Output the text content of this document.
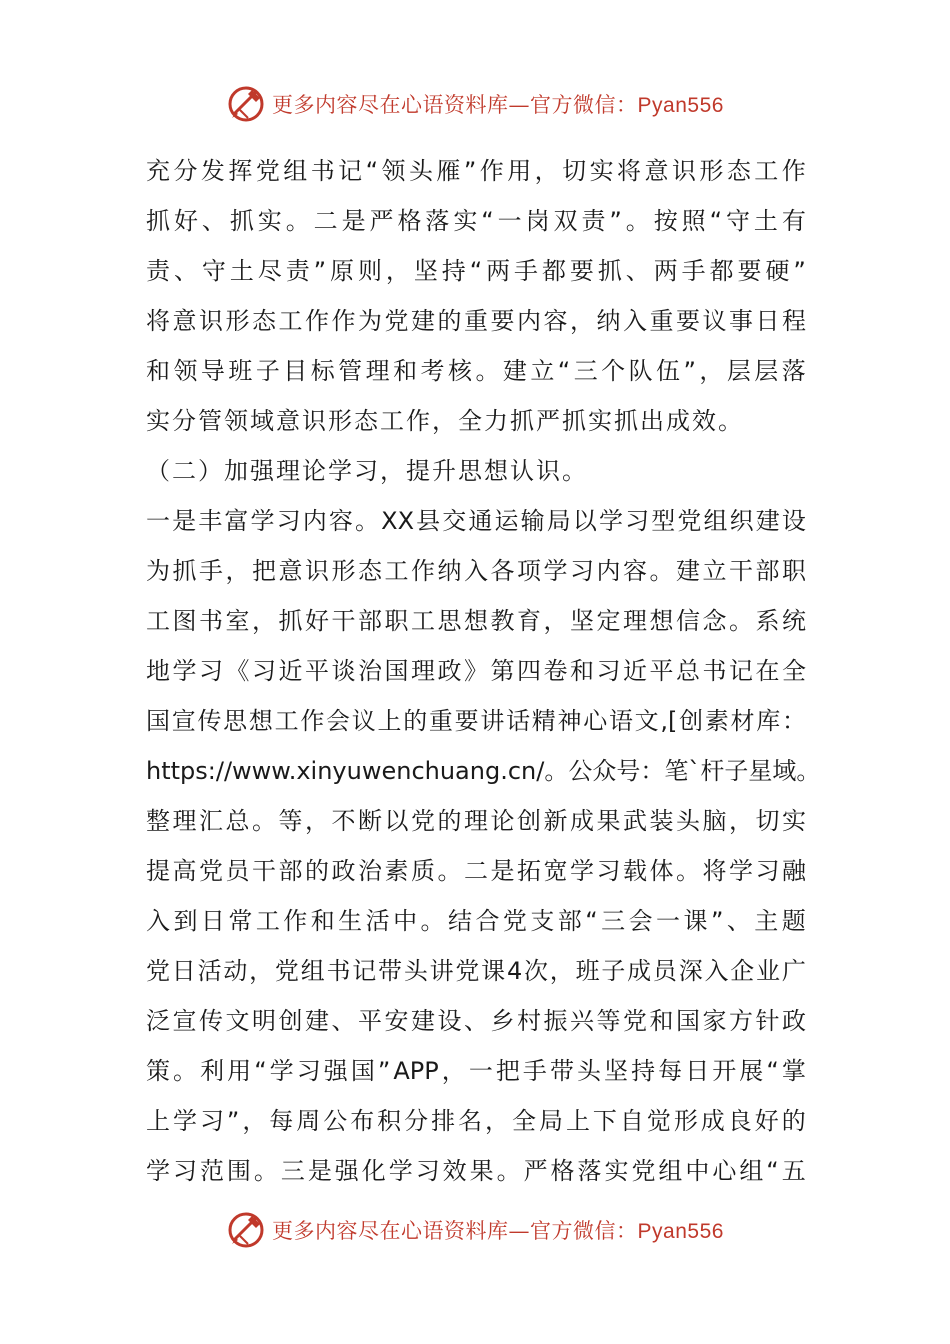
更多内容尽在心语资料库—官方微信：Pyan556
充 分 发 挥 党 组 书 记 “ 领 头 雁 ” 作 用 ， 切 实 将 意 识 形 态 工 作
抓 好 、 抓 实 。 二 是 严 格 落 实 “ 一 岗 双 责 ” 。 按 照 “ 守 土 有
责 、 守 土 尽 责 ” 原 则 ， 坚 持 “ 两 手 都 要 抓 、 两 手 都 要 硬 ”
将 意 识 形 态 工 作 作 为 党 建 的 重 要 内 容 ， 纳 入 重 要 议 事 日 程
和 领 导 班 子 目 标 管 理 和 考 核 。 建 立 “ 三 个 队 伍 ” ， 层 层 落
实 分 管 领 域 意 识 形 态 工 作 ， 全 力 抓 严 抓 实 抓 出 成 效 。
（ 二 ） 加 强 理 论 学 习 ， 提 升 思 想 认 识 。
一 是 丰 富 学 习 内 容 。 XX 县 交 通 运 输 局 以 学 习 型 党 组 织 建 设
为 抓 手 ， 把 意 识 形 态 工 作 纳 入 各 项 学 习 内 容 。 建 立 干 部 职
工 图 书 室 ， 抓 好 干 部 职 工 思 想 教 育 ， 坚 定 理 想 信 念 。 系 统
地 学 习 《 习 近 平 谈 治 国 理 政 》 第 四 卷 和 习 近 平 总 书 记 在 全
国 宣 传 思 想 工 作 会 议 上 的 重 要 讲 话 精 神 心 语 文 ,[ 创 素 材 库 ：
https://www.xinyuwenchuang.cn/ 。 公 众 号 ： 笔 ` 杆 子 星 域 。
整 理 汇 总 。 等 ， 不 断 以 党 的 理 论 创 新 成 果 武 装 头 脑 ， 切 实
提 高 党 员 干 部 的 政 治 素 质 。 二 是 拓 宽 学 习 载 体 。 将 学 习 融
入 到 日 常 工 作 和 生 活 中 。 结 合 党 支 部 “ 三 会 一 课 ” 、 主 题
党 日 活 动 ， 党 组 书 记 带 头 讲 党 课 4 次 ， 班 子 成 员 深 入 企 业 广
泛 宣 传 文 明 创 建 、 平 安 建 设 、 乡 村 振 兴 等 党 和 国 家 方 针 政
策 。 利 用 “ 学 习 强 国 ” APP ， 一 把 手 带 头 坚 持 每 日 开 展 “ 掌
上 学 习 ” ， 每 周 公 布 积 分 排 名 ， 全 局 上 下 自 觉 形 成 良 好 的
学 习 范 围 。 三 是 强 化 学 习 效 果 。 严 格 落 实 党 组 中 心 组 “ 五
更多内容尽在心语资料库—官方微信：Pyan556
